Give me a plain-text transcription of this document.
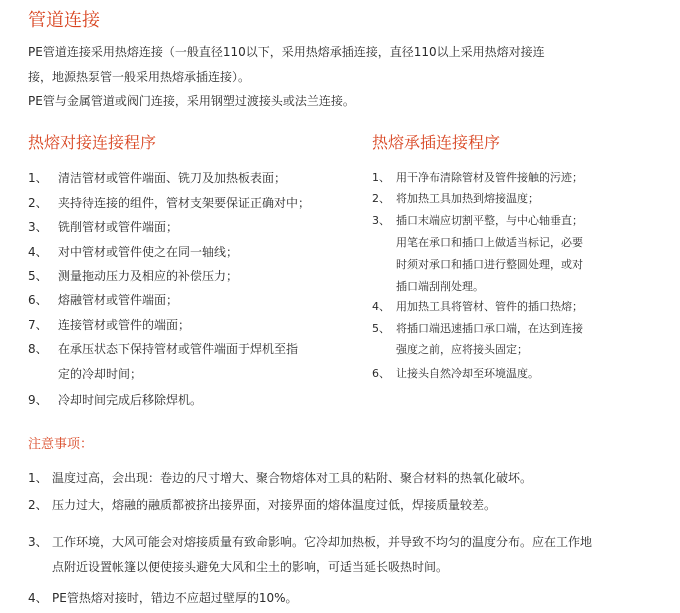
管道连接
PE管道连接采用热熔连接（一般直径110以下，采用热熔承插连接，直径110以上采用热熔对接连
接，地源热泵管一般采用热熔承插连接）。
PE管与金属管道或阀门连接，采用钢塑过渡接头或法兰连接。
热熔对接连接程序
1、 清洁管材或管件端面、铣刀及加热板表面；
2、 夹持待连接的组件，管材支架要保证正确对中；
3、 铣削管材或管件端面；
4、 对中管材或管件使之在同一轴线；
5、 测量拖动压力及相应的补偿压力；
6、 熔融管材或管件端面；
7、 连接管材或管件的端面；
8、 在承压状态下保持管材或管件端面于焊机至指
定的冷却时间；
9、 冷却时间完成后移除焊机。
热熔承插连接程序
1、 用干净布清除管材及管件接触的污迹；
2、 将加热工具加热到熔接温度；
3、 插口末端应切割平整，与中心轴垂直；
用笔在承口和插口上做适当标记，必要
时须对承口和插口进行整圆处理，或对
插口端刮削处理。
4、 用加热工具将管材、管件的插口热熔；
5、 将插口端迅速插口承口端，在达到连接
强度之前，应将接头固定；
6、 让接头自然冷却至环境温度。
注意事项：
1、 温度过高，会出现：卷边的尺寸增大、聚合物熔体对工具的粘附、聚合材料的热氧化破坏。
2、 压力过大，熔融的融质都被挤出接界面，对接界面的熔体温度过低，焊接质量较差。
3、 工作环境，大风可能会对熔接质量有致命影响。它冷却加热板，并导致不均匀的温度分布。应在工作地
点附近设置帐篷以便使接头避免大风和尘土的影响，可适当延长吸热时间。
4、 PE管热熔对接时，错边不应超过壁厚的10%。
